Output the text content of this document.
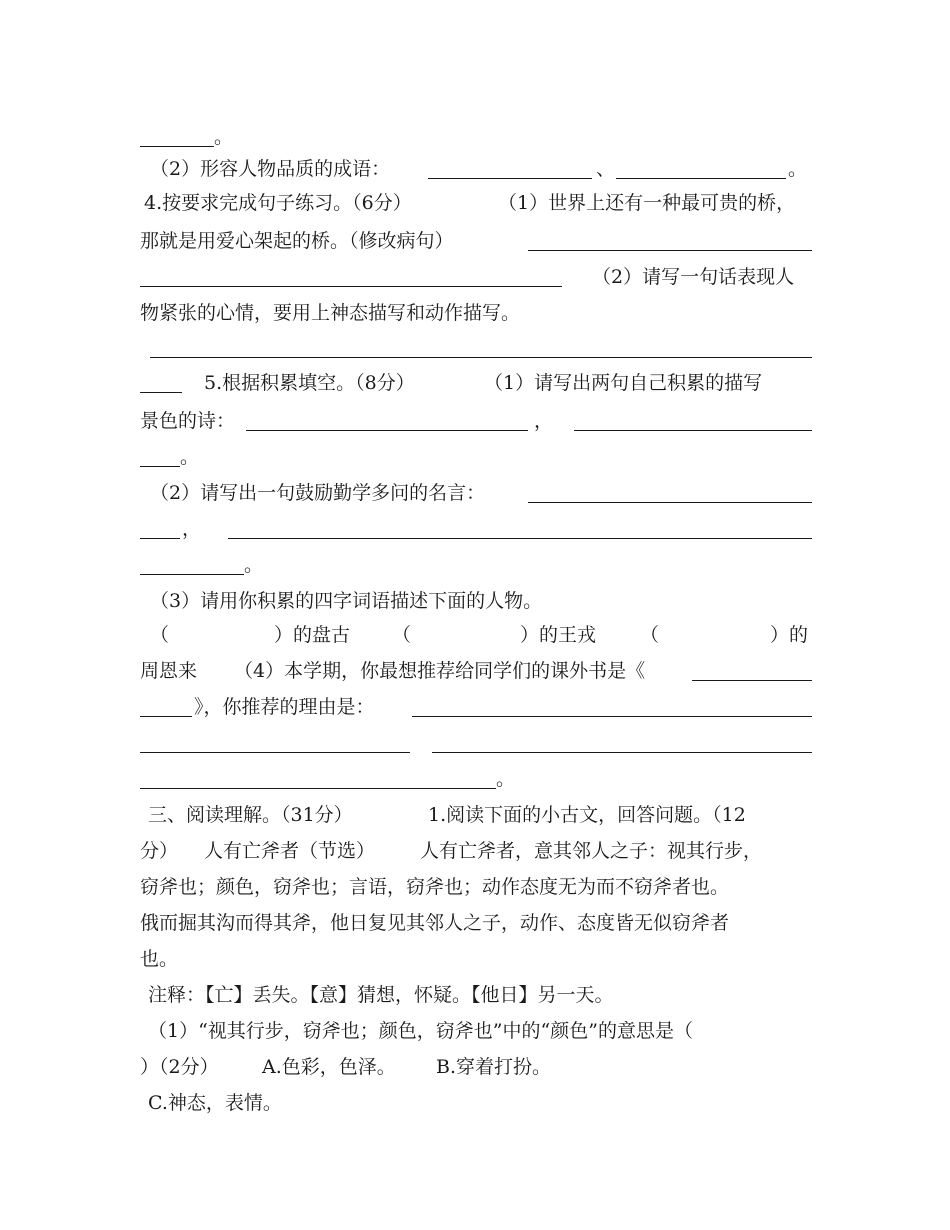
。
（2）形容人物品质的成语：	、	。
4.按要求完成句子练习。（6分）	（1）世界上还有一种最可贵的桥，
那就是用爱心架起的桥。（修改病句）
（2）请写一句话表现人
物紧张的心情，要用上神态描写和动作描写。
5.根据积累填空。（8分）	（1）请写出两句自己积累的描写
景色的诗：	，
。
（2）请写出一句鼓励勤学多问的名言：
，
。
（3）请用你积累的四字词语描述下面的人物。
（	）的盘古 （	）的王戎 （	）的
周恩来 （4）本学期，你最想推荐给同学们的课外书是《
》，你推荐的理由是：
。
三、阅读理解。（31分）	1.阅读下面的小古文，回答问题。（12
分） 人有亡斧者（节选） 人有亡斧者，意其邻人之子：视其行步，
窃斧也；颜色，窃斧也；言语，窃斧也；动作态度无为而不窃斧者也。
俄而掘其沟而得其斧，他日复见其邻人之子，动作、态度皆无似窃斧者
也。
注释：【亡】丢失。【意】猜想，怀疑。【他日】另一天。
（1）“视其行步，窃斧也；颜色，窃斧也”中的“颜色”的意思是（
）（2分） A.色彩，色泽。 B.穿着打扮。
C.神态，表情。
